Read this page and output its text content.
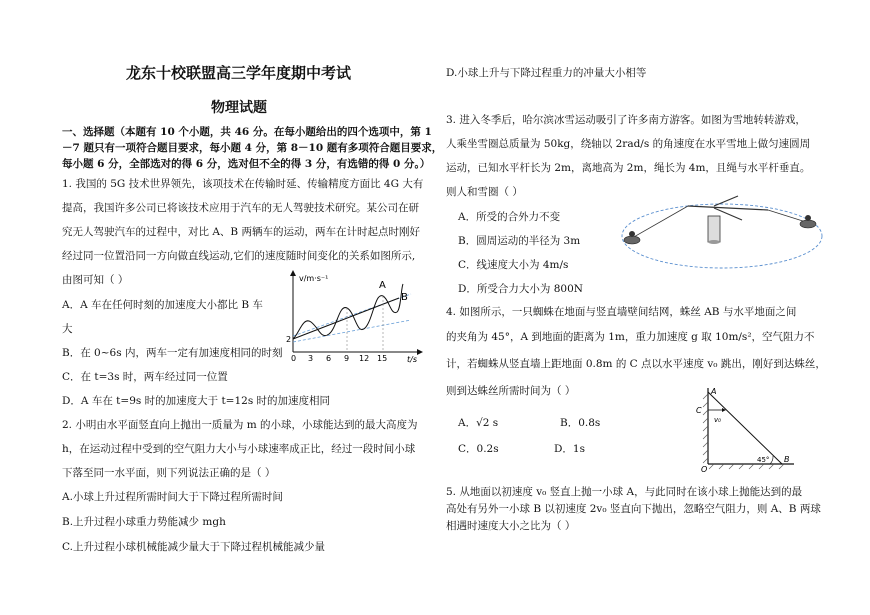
龙东十校联盟高三学年度期中考试
物理试题
一、选择题（本题有 10 个小题，共 46 分。在每小题给出的四个选项中，第 1
－7 题只有一项符合题目要求，每小题 4 分，第 8－10 题有多项符合题目要求，
每小题 6 分，全部选对的得 6 分，选对但不全的得 3 分，有选错的得 0 分。）
1. 我国的 5G 技术世界领先，该项技术在传输时延、传输精度方面比 4G 大有
提高，我国许多公司已将该技术应用于汽车的无人驾驶技术研究。某公司在研
究无人驾驶汽车的过程中，对比 A、B 两辆车的运动，两车在计时起点时刚好
经过同一位置沿同一方向做直线运动,它们的速度随时间变化的关系如图所示,
由图可知（ ）
A．A 车在任何时刻的加速度大小都比 B 车
大
B．在 0~6s 内，两车一定有加速度相同的时刻
C．在 t=3s 时，两车经过同一位置
D．A 车在 t=9s 时的加速度大于 t=12s 时的加速度相同
v/m·s⁻¹
t/s
2
A
B
0 3 6 9 12 15
2. 小明由水平面竖直向上抛出一质量为 m 的小球，小球能达到的最大高度为
h，在运动过程中受到的空气阻力大小与小球速率成正比，经过一段时间小球
下落至同一水平面，则下列说法正确的是（ ）
A.小球上升过程所需时间大于下降过程所需时间
B.上升过程小球重力势能减少 mgh
C.上升过程小球机械能减少量大于下降过程机械能减少量
D.小球上升与下降过程重力的冲量大小相等
3. 进入冬季后，哈尔滨冰雪运动吸引了许多南方游客。如图为雪地转转游戏，
人乘坐雪圈总质量为 50kg，绕轴以 2rad/s 的角速度在水平雪地上做匀速圆周
运动，已知水平杆长为 2m，离地高为 2m，绳长为 4m，且绳与水平杆垂直。
则人和雪圈（ ）
A．所受的合外力不变
B．圆周运动的半径为 3m
C．线速度大小为 4m/s
D．所受合力大小为 800N
4. 如图所示，一只蜘蛛在地面与竖直墙壁间结网，蛛丝 AB 与水平地面之间
的夹角为 45°，A 到地面的距离为 1m，重力加速度 g 取 10m/s²，空气阻力不
计，若蜘蛛从竖直墙上距地面 0.8m 的 C 点以水平速度 v₀ 跳出，刚好到达蛛丝，
则到达蛛丝所需时间为（ ）
A．√2 s	B．0.8s
C．0.2s	D．1s
A
C
v₀
O
B
45°
5. 从地面以初速度 v₀ 竖直上抛一小球 A，与此同时在该小球上抛能达到的最
高处有另外一小球 B 以初速度 2v₀ 竖直向下抛出，忽略空气阻力，则 A、B 两球
相遇时速度大小之比为（ ）
